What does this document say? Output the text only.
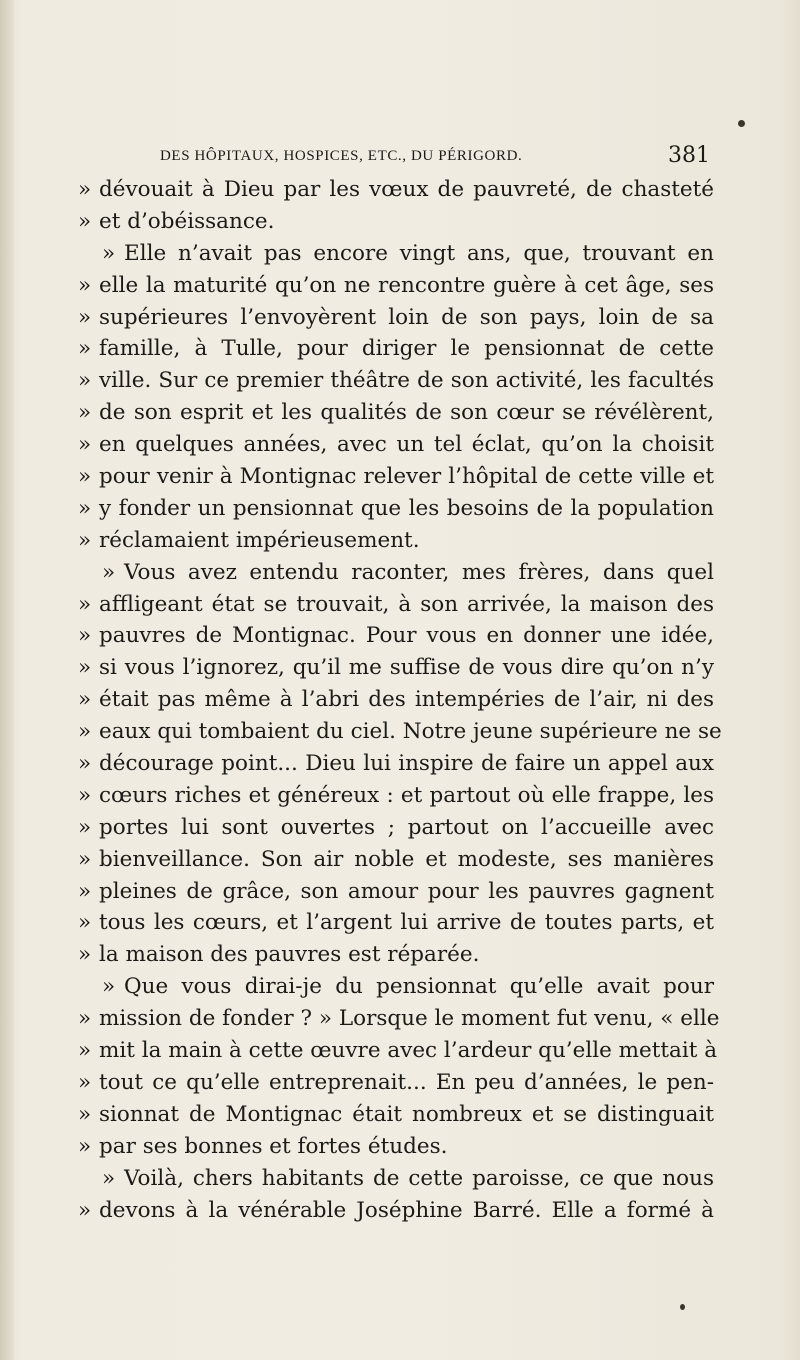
DES HÔPITAUX, HOSPICES, ETC., DU PÉRIGORD.	381
» dévouait à Dieu par les vœux de pauvreté, de chasteté
» et d’obéissance.
» Elle n’avait pas encore vingt ans, que, trouvant en
» elle la maturité qu’on ne rencontre guère à cet âge, ses
» supérieures l’envoyèrent loin de son pays, loin de sa
» famille, à Tulle, pour diriger le pensionnat de cette
» ville. Sur ce premier théâtre de son activité, les facultés
» de son esprit et les qualités de son cœur se révélèrent,
» en quelques années, avec un tel éclat, qu’on la choisit
» pour venir à Montignac relever l’hôpital de cette ville et
» y fonder un pensionnat que les besoins de la population
» réclamaient impérieusement.
» Vous avez entendu raconter, mes frères, dans quel
» affligeant état se trouvait, à son arrivée, la maison des
» pauvres de Montignac. Pour vous en donner une idée,
» si vous l’ignorez, qu’il me suffise de vous dire qu’on n’y
» était pas même à l’abri des intempéries de l’air, ni des
» eaux qui tombaient du ciel. Notre jeune supérieure ne se
» décourage point... Dieu lui inspire de faire un appel aux
» cœurs riches et généreux : et partout où elle frappe, les
» portes lui sont ouvertes ; partout on l’accueille avec
» bienveillance. Son air noble et modeste, ses manières
» pleines de grâce, son amour pour les pauvres gagnent
» tous les cœurs, et l’argent lui arrive de toutes parts, et
» la maison des pauvres est réparée.
» Que vous dirai-je du pensionnat qu’elle avait pour
» mission de fonder ? » Lorsque le moment fut venu, « elle
» mit la main à cette œuvre avec l’ardeur qu’elle mettait à
» tout ce qu’elle entreprenait... En peu d’années, le pen-
» sionnat de Montignac était nombreux et se distinguait
» par ses bonnes et fortes études.
» Voilà, chers habitants de cette paroisse, ce que nous
» devons à la vénérable Joséphine Barré. Elle a formé à
